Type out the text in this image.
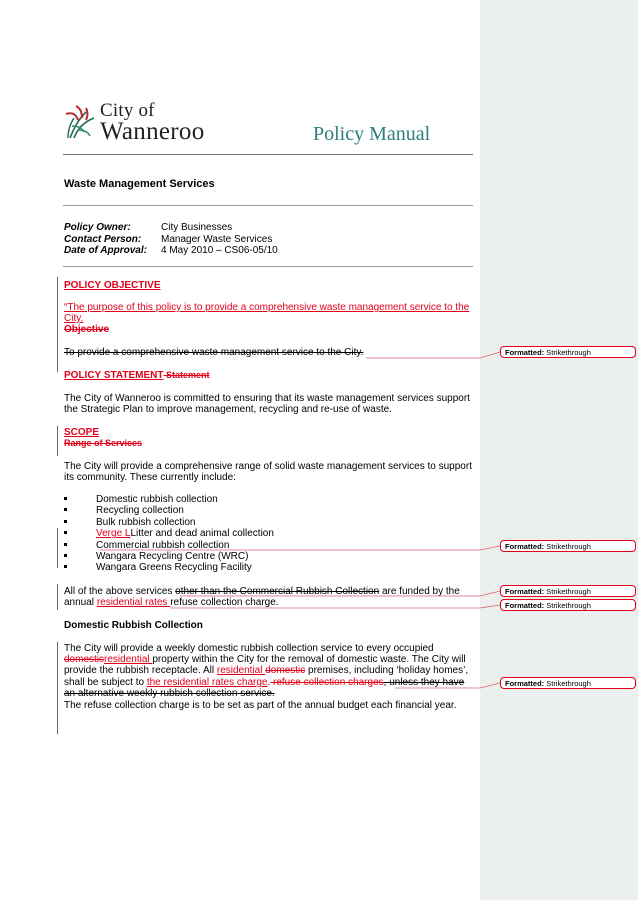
City of
Wanneroo	Policy Manual
Waste Management Services
Policy Owner:	City Businesses
Contact Person: Manager Waste Services
Date of Approval: 4 May 2010 – CS06-05/10
POLICY OBJECTIVE
“The purpose of this policy is to provide a comprehensive waste management service to the
City.
Objective
To provide a comprehensive waste management service to the City.
POLICY STATEMENT Statement
The City of Wanneroo is committed to ensuring that its waste management services support
the Strategic Plan to improve management, recycling and re-use of waste.
SCOPE
Range of Services
The City will provide a comprehensive range of solid waste management services to support
its community. These currently include:
Domestic rubbish collection
Recycling collection
Bulk rubbish collection
Verge LLitter and dead animal collection
Commercial rubbish collection
Wangara Recycling Centre (WRC)
Wangara Greens Recycling Facility
All of the above services other than the Commercial Rubbish Collection are funded by the
annual residential rates refuse collection charge.
Domestic Rubbish Collection
The City will provide a weekly domestic rubbish collection service to every occupied
domesticresidential property within the City for the removal of domestic waste. The City will
provide the rubbish receptacle. All residential domestic premises, including ‘holiday homes’,
shall be subject to the residential rates charge. refuse collection charges, unless they have
an alternative weekly rubbish collection service.
The refuse collection charge is to be set as part of the annual budget each financial year.
Formatted: Strikethrough
Formatted: Strikethrough
Formatted: Strikethrough
Formatted: Strikethrough
Formatted: Strikethrough
